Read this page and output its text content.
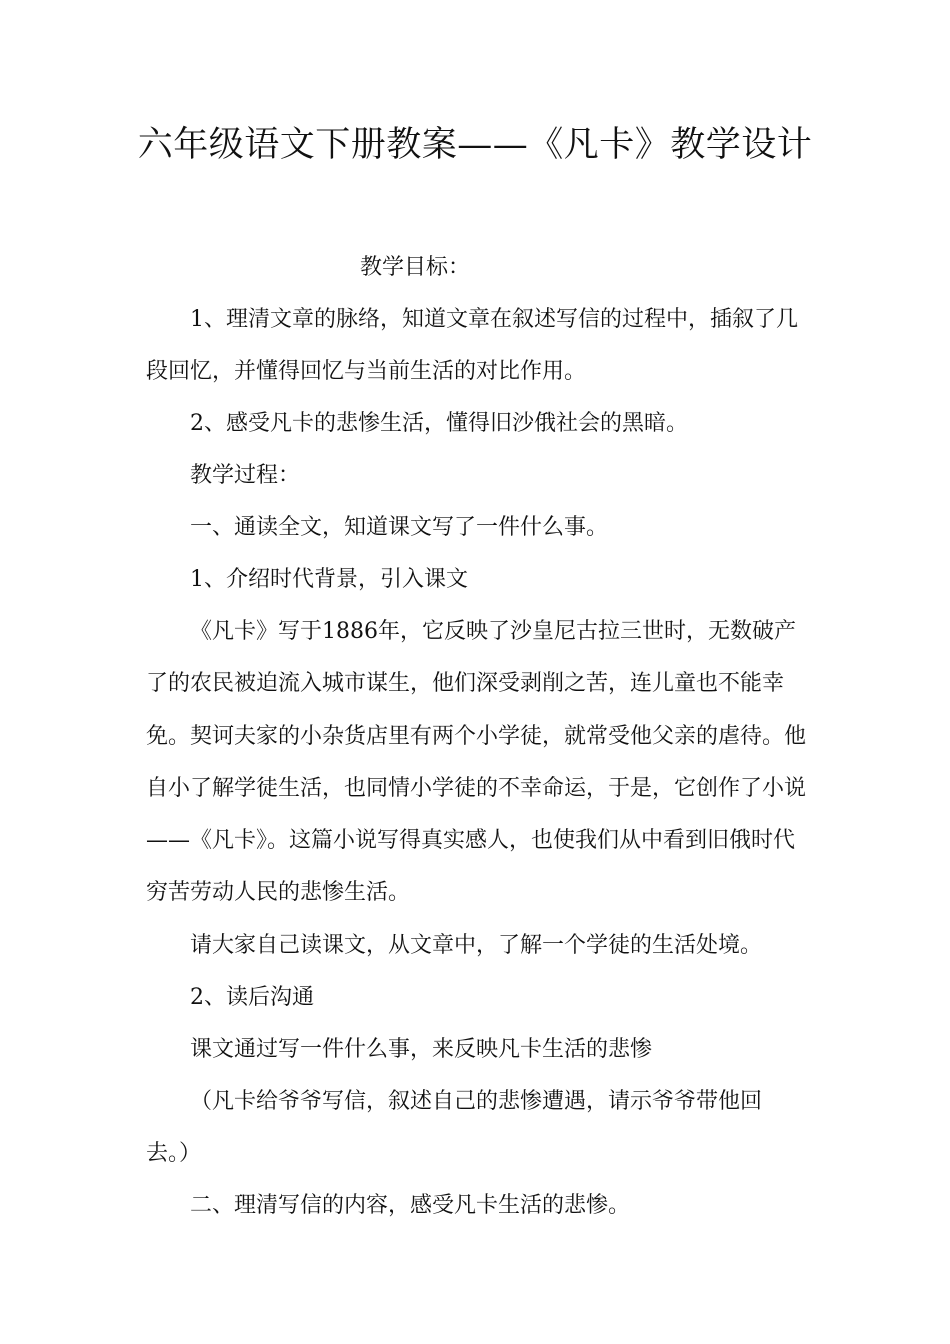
六年级语文下册教案——《凡卡》教学设计
教学目标：
1、理清文章的脉络，知道文章在叙述写信的过程中，插叙了几段回忆，并懂得回忆与当前生活的对比作用。
2、感受凡卡的悲惨生活，懂得旧沙俄社会的黑暗。
教学过程：
一、通读全文，知道课文写了一件什么事。
1、介绍时代背景，引入课文
《凡卡》写于1886年，它反映了沙皇尼古拉三世时，无数破产了的农民被迫流入城市谋生，他们深受剥削之苦，连儿童也不能幸免。契诃夫家的小杂货店里有两个小学徒，就常受他父亲的虐待。他自小了解学徒生活，也同情小学徒的不幸命运，于是，它创作了小说——《凡卡》。这篇小说写得真实感人，也使我们从中看到旧俄时代穷苦劳动人民的悲惨生活。
请大家自己读课文，从文章中，了解一个学徒的生活处境。
2、读后沟通
课文通过写一件什么事，来反映凡卡生活的悲惨
（凡卡给爷爷写信，叙述自己的悲惨遭遇，请示爷爷带他回去。）
二、理清写信的内容，感受凡卡生活的悲惨。
